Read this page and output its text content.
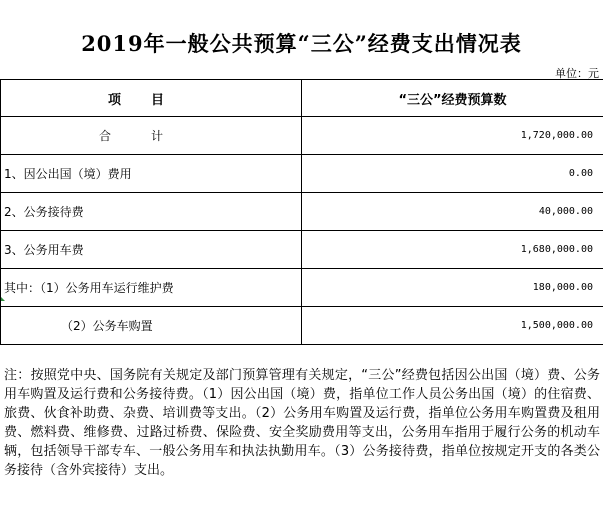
2019年一般公共预算“三公”经费支出情况表
单位：元
项目	“三公”经费预算数
合计	1,720,000.00
1、因公出国（境）费用	0.00
2、公务接待费	40,000.00
3、公务用车费	1,680,000.00
其中：（1）公务用车运行维护费	180,000.00
（2）公务车购置	1,500,000.00
注：按照党中央、国务院有关规定及部门预算管理有关规定，“三公”经费包括因公出国（境）费、公务用车购置及运行费和公务接待费。（1）因公出国（境）费，指单位工作人员公务出国（境）的住宿费、旅费、伙食补助费、杂费、培训费等支出。（2）公务用车购置及运行费，指单位公务用车购置费及租用费、燃料费、维修费、过路过桥费、保险费、安全奖励费用等支出，公务用车指用于履行公务的机动车辆，包括领导干部专车、一般公务用车和执法执勤用车。（3）公务接待费，指单位按规定开支的各类公务接待（含外宾接待）支出。
